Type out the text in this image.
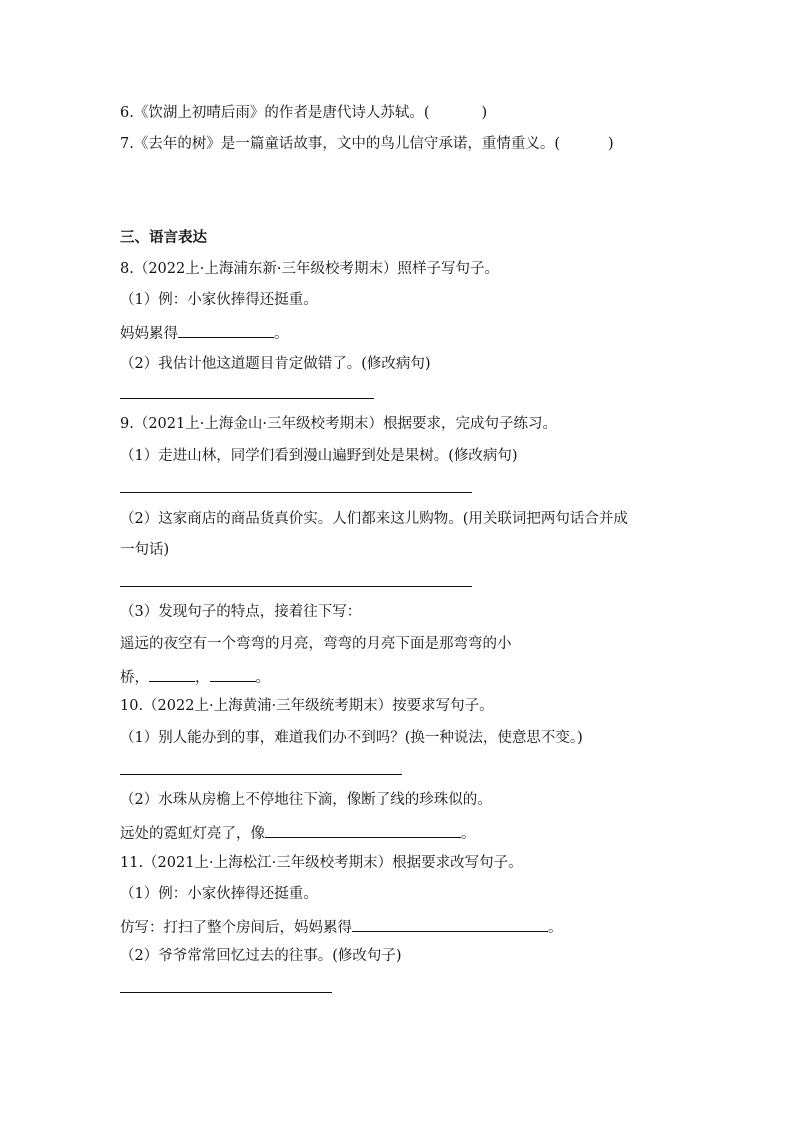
6.《饮湖上初晴后雨》的作者是唐代诗人苏轼。(	)
7.《去年的树》是一篇童话故事，文中的鸟儿信守承诺，重情重义。(	)
三、语言表达
8.（2022上·上海浦东新·三年级校考期末）照样子写句子。
（1）例：小家伙捧得还挺重。
妈妈累得	。
（2）我估计他这道题目肯定做错了。(修改病句)
9.（2021上·上海金山·三年级校考期末）根据要求，完成句子练习。
（1）走进山林，同学们看到漫山遍野到处是果树。(修改病句)
（2）这家商店的商品货真价实。人们都来这儿购物。(用关联词把两句话合并成
一句话)
（3）发现句子的特点，接着往下写：
遥远的夜空有一个弯弯的月亮，弯弯的月亮下面是那弯弯的小
桥，	，	。
10.（2022上·上海黄浦·三年级统考期末）按要求写句子。
（1）别人能办到的事，难道我们办不到吗？(换一种说法，使意思不变。)
（2）水珠从房檐上不停地往下滴，像断了线的珍珠似的。
远处的霓虹灯亮了，像	。
11.（2021上·上海松江·三年级校考期末）根据要求改写句子。
（1）例：小家伙捧得还挺重。
仿写：打扫了整个房间后，妈妈累得	。
（2）爷爷常常回忆过去的往事。(修改句子)
